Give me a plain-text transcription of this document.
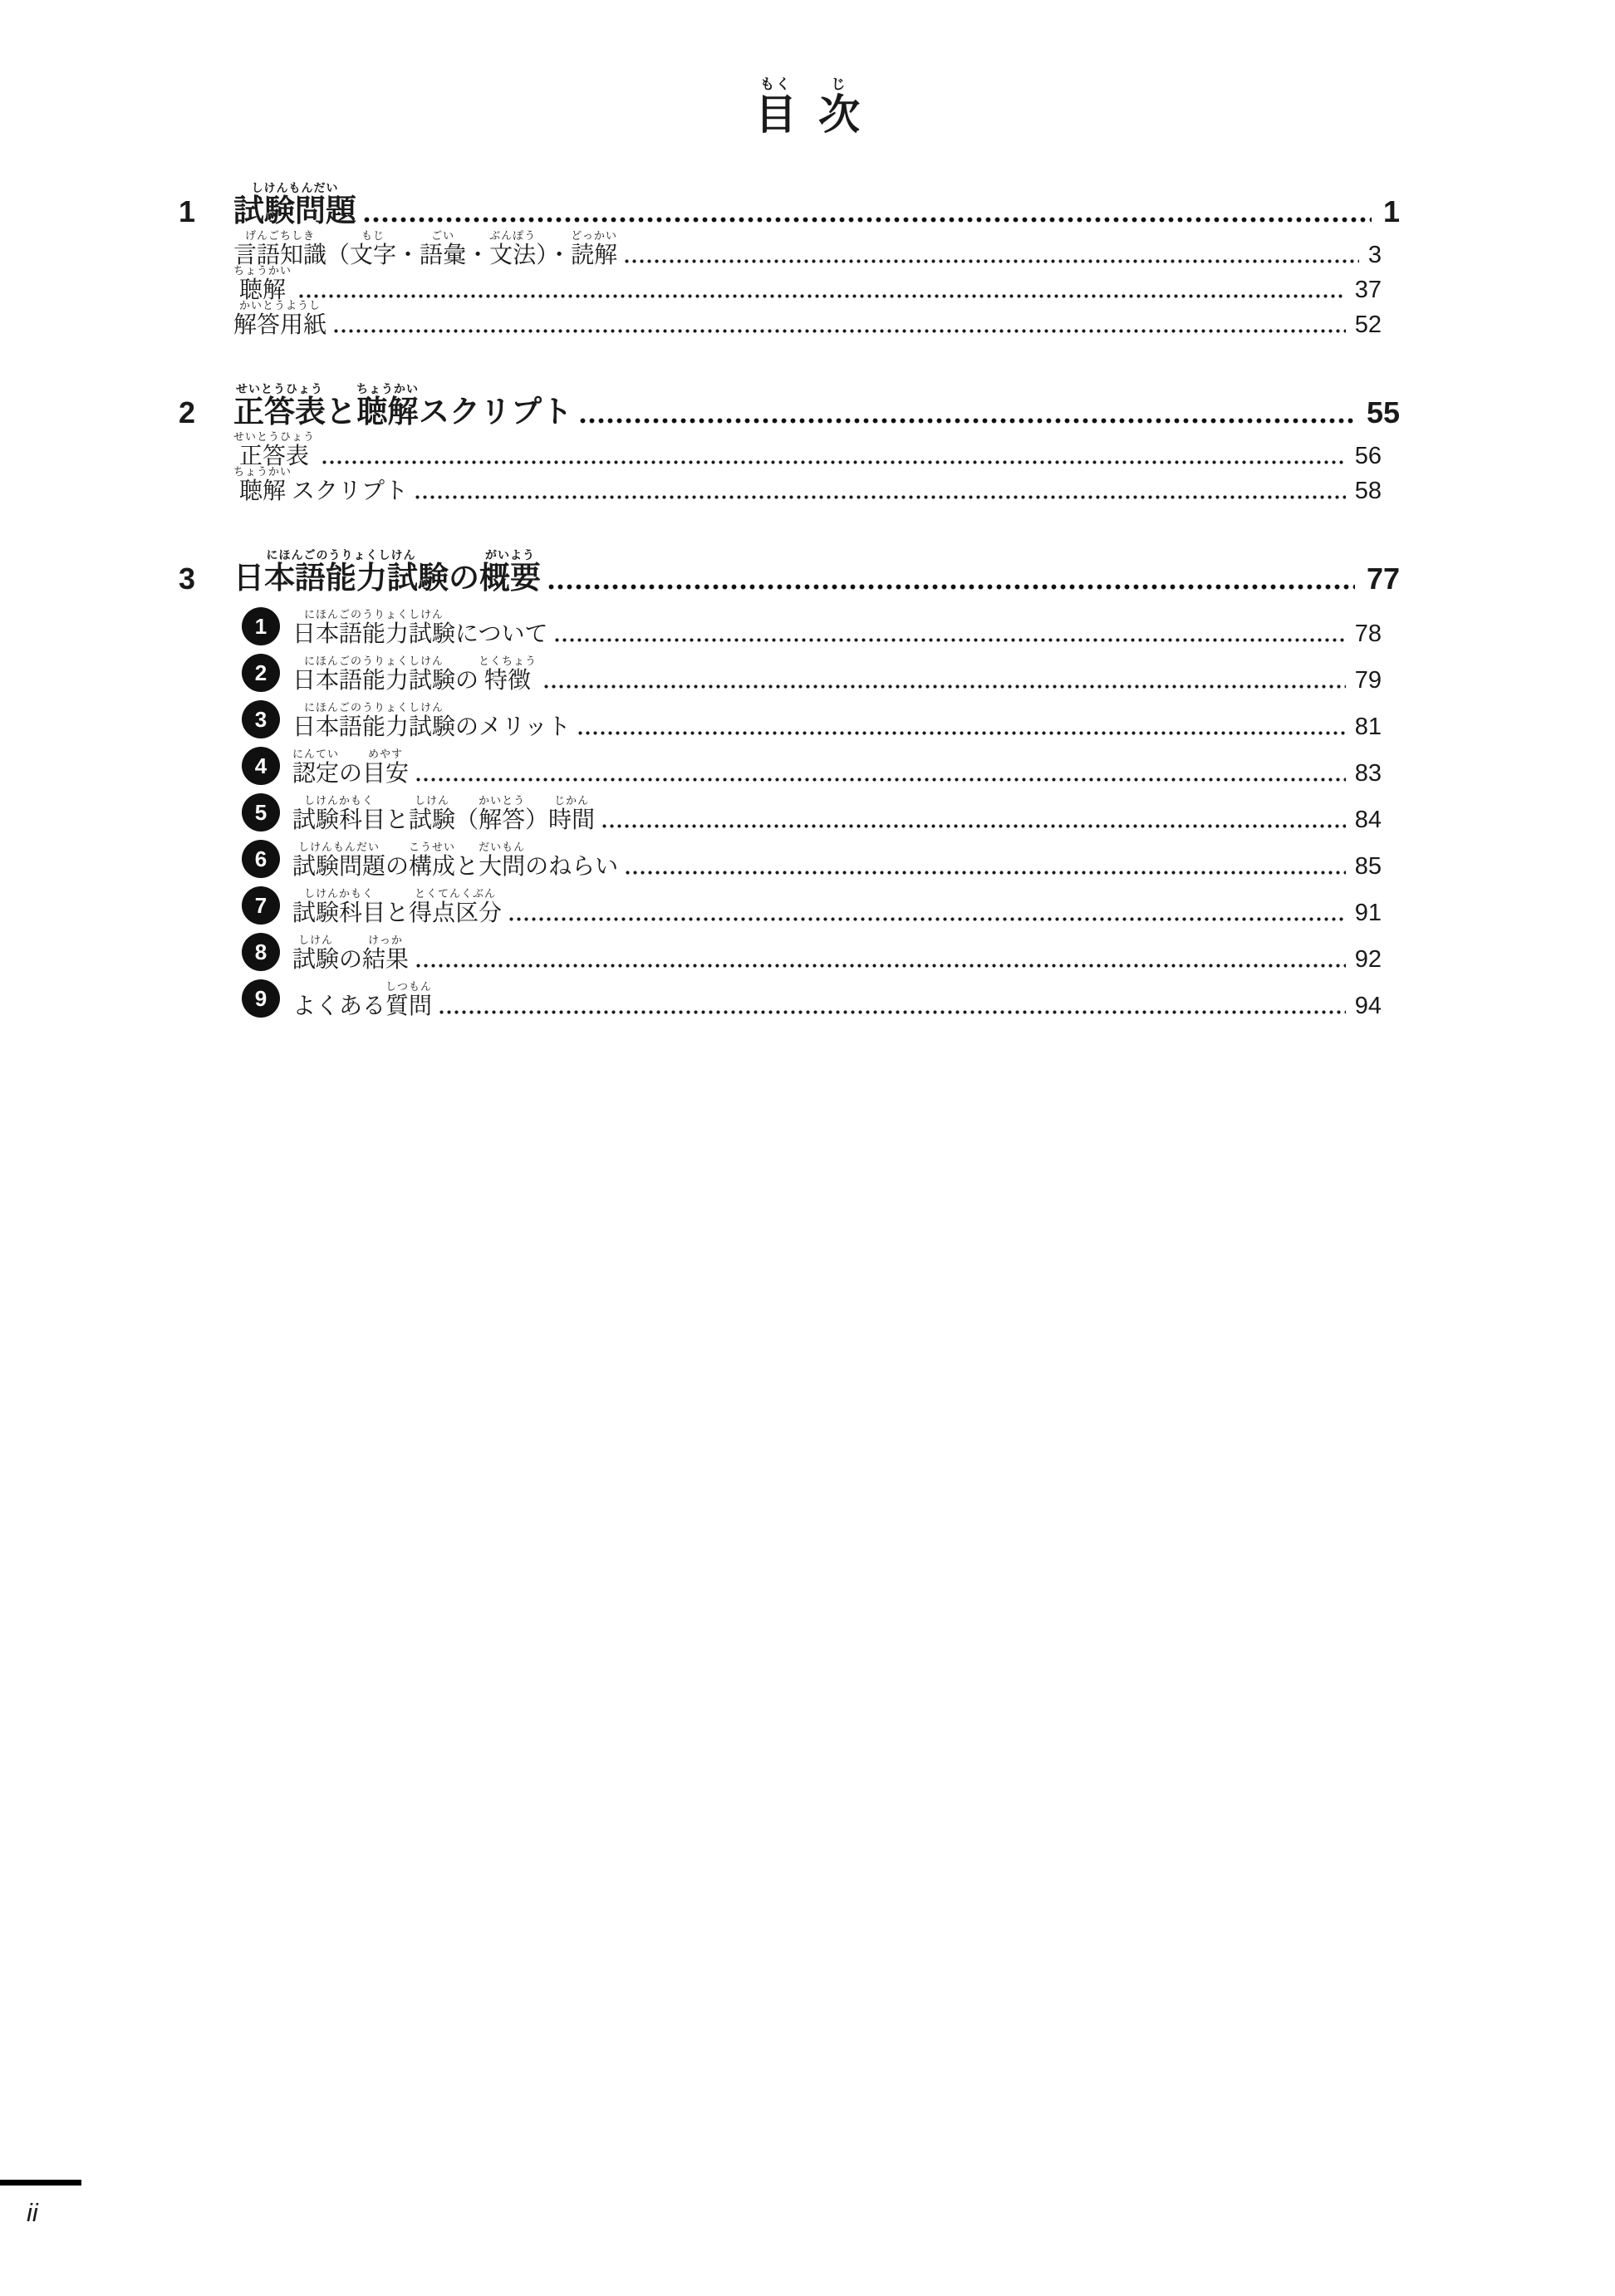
もく
目
じ
次
1
しけんもんだい
試験問題	1
げんごちしき
言語知識
（
もじ
文字
・
ごい
語彙
・
ぶんぽう
文法
）・
どっかい
読解	3
ちょうかい
聴解	37
かいとうようし
解答用紙	52
2
せいとうひょう
正答表
と
ちょうかい
聴解
スクリプト	55
せいとうひょう
正答表	56
ちょうかい
聴解
スクリプト	58
3
にほんごのうりょくしけん
日本語能力試験
の
がいよう
概要	77
1	にほんごのうりょくしけん
日本語能力試験
について	78
2	にほんごのうりょくしけん
日本語能力試験
の
とくちょう
特徴	79
3	にほんごのうりょくしけん
日本語能力試験
のメリット	81
4	にんてい
認定
の
めやす
目安	83
5	しけんかもく
試験科目
と
しけん
試験
（
かいとう
解答
）
じかん
時間	84
6	しけんもんだい
試験問題
の
こうせい
構成
と
だいもん
大問
のねらい	85
7	しけんかもく
試験科目
と
とくてんくぶん
得点区分	91
8	しけん
試験
の
けっか
結果	92
9
	よくある
しつもん
質問	94
ii
